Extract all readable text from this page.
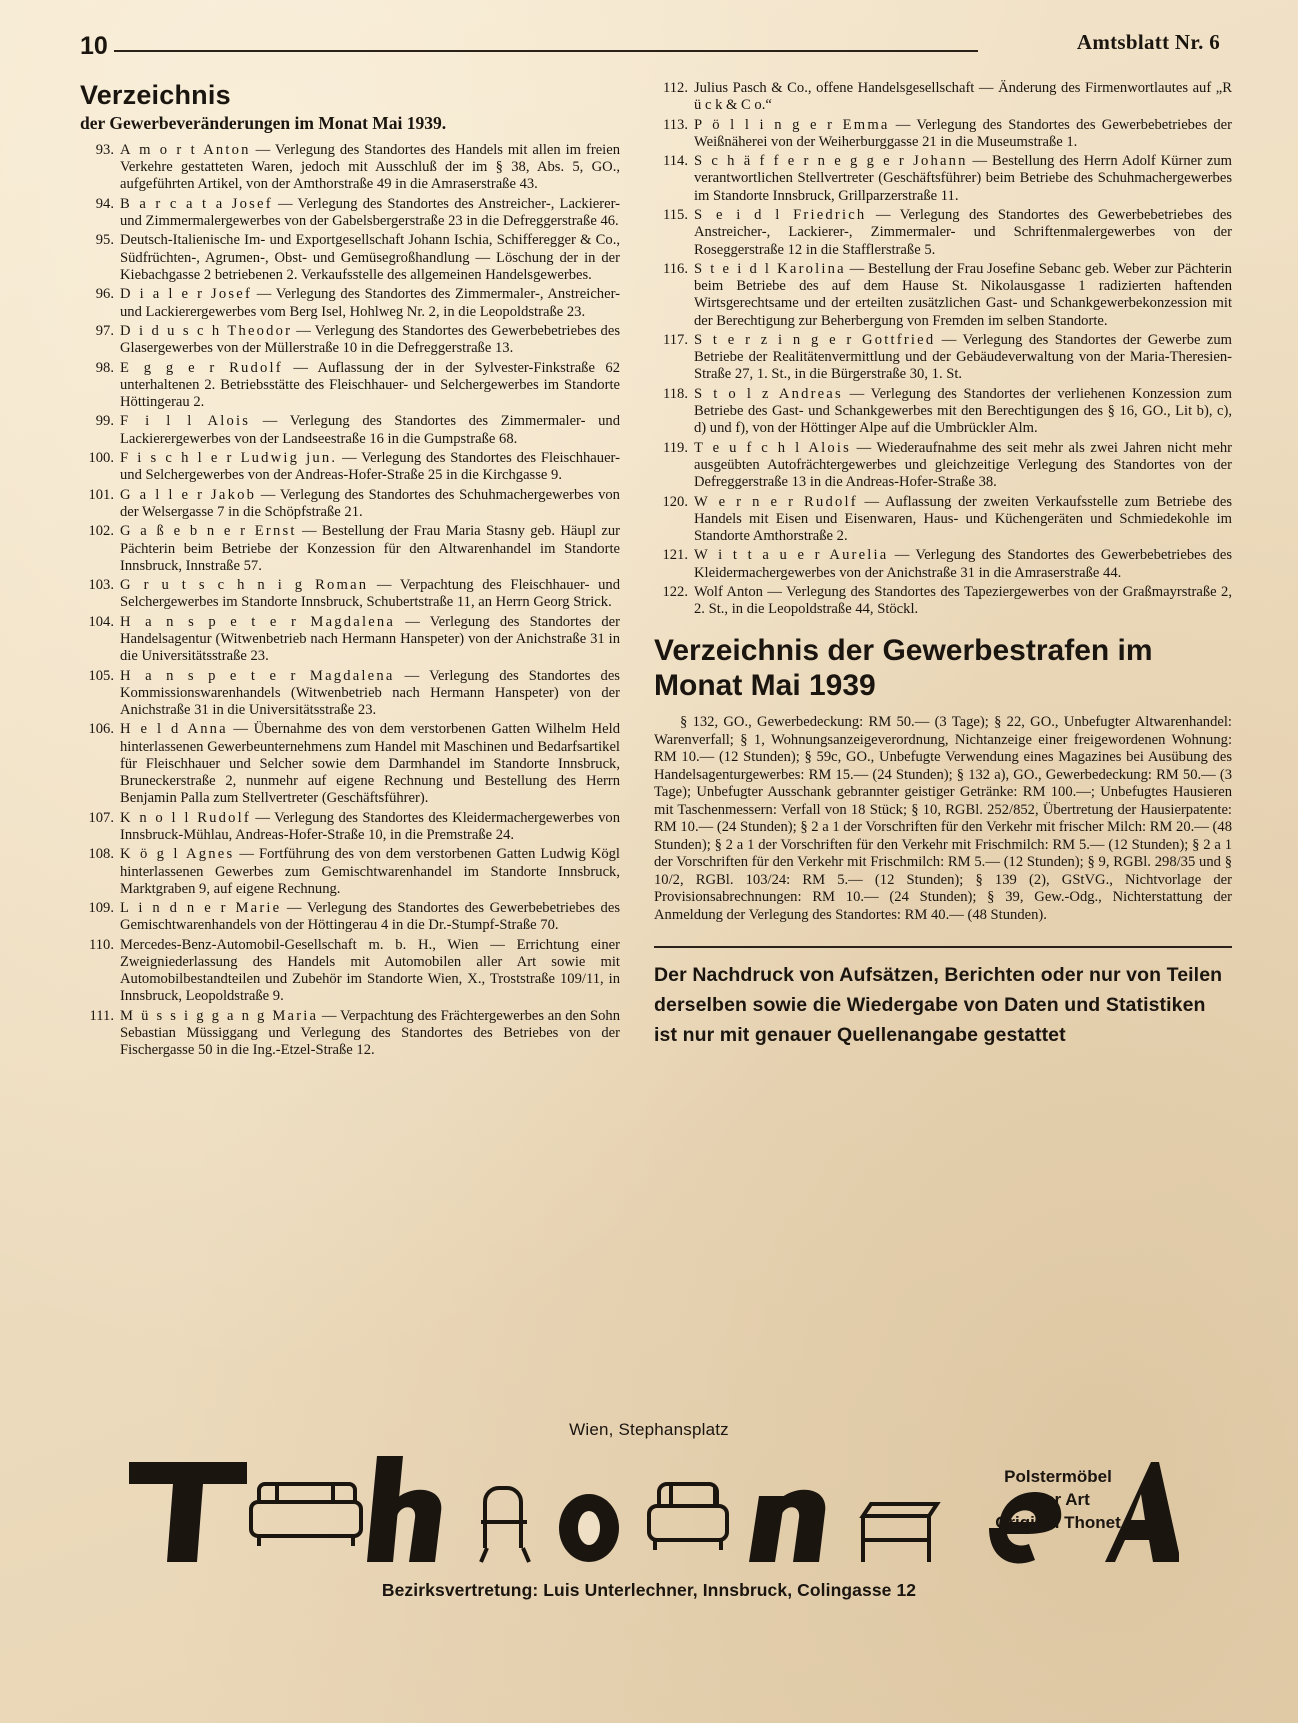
10	Amtsblatt Nr. 6
Verzeichnis
der Gewerbeveränderungen im Monat Mai 1939.
93. A m o r t Anton — Verlegung des Standortes des Handels mit allen im freien Verkehre gestatteten Waren, jedoch mit Ausschluß der im § 38, Abs. 5, GO., aufgeführten Artikel, von der Amthorstraße 49 in die Amraserstraße 43.
94. B a r c a t a Josef — Verlegung des Standortes des Anstreicher-, Lackierer- und Zimmermalergewerbes von der Gabelsbergerstraße 23 in die Defreggerstraße 46.
95. Deutsch-Italienische Im- und Exportgesellschaft Johann Ischia, Schifferegger & Co., Südfrüchten-, Agrumen-, Obst- und Gemüsegroßhandlung — Löschung der in der Kiebachgasse 2 betriebenen 2. Verkaufsstelle des allgemeinen Handelsgewerbes.
96. D i a l e r Josef — Verlegung des Standortes des Zimmermaler-, Anstreicher- und Lackierergewerbes vom Berg Isel, Hohlweg Nr. 2, in die Leopoldstraße 23.
97. D i d u s c h Theodor — Verlegung des Standortes des Gewerbebetriebes des Glasergewerbes von der Müllerstraße 10 in die Defreggerstraße 13.
98. E g g e r Rudolf — Auflassung der in der Sylvester-Finkstraße 62 unterhaltenen 2. Betriebsstätte des Fleischhauer- und Selchergewerbes im Standorte Höttingerau 2.
99. F i l l Alois — Verlegung des Standortes des Zimmermaler- und Lackierergewerbes von der Landseestraße 16 in die Gumpstraße 68.
100. F i s c h l e r Ludwig jun. — Verlegung des Standortes des Fleischhauer- und Selchergewerbes von der Andreas-Hofer-Straße 25 in die Kirchgasse 9.
101. G a l l e r Jakob — Verlegung des Standortes des Schuhmachergewerbes von der Welsergasse 7 in die Schöpfstraße 21.
102. G a ß e b n e r Ernst — Bestellung der Frau Maria Stasny geb. Häupl zur Pächterin beim Betriebe der Konzession für den Altwarenhandel im Standorte Innsbruck, Innstraße 57.
103. G r u t s c h n i g Roman — Verpachtung des Fleischhauer- und Selchergewerbes im Standorte Innsbruck, Schubertstraße 11, an Herrn Georg Strick.
104. H a n s p e t e r Magdalena — Verlegung des Standortes der Handelsagentur (Witwenbetrieb nach Hermann Hanspeter) von der Anichstraße 31 in die Universitätsstraße 23.
105. H a n s p e t e r Magdalena — Verlegung des Standortes des Kommissionswarenhandels (Witwenbetrieb nach Hermann Hanspeter) von der Anichstraße 31 in die Universitätsstraße 23.
106. H e l d Anna — Übernahme des von dem verstorbenen Gatten Wilhelm Held hinterlassenen Gewerbeunternehmens zum Handel mit Maschinen und Bedarfsartikel für Fleischhauer und Selcher sowie dem Darmhandel im Standorte Innsbruck, Bruneckerstraße 2, nunmehr auf eigene Rechnung und Bestellung des Herrn Benjamin Palla zum Stellvertreter (Geschäftsführer).
107. K n o l l Rudolf — Verlegung des Standortes des Kleidermachergewerbes von Innsbruck-Mühlau, Andreas-Hofer-Straße 10, in die Premstraße 24.
108. K ö g l Agnes — Fortführung des von dem verstorbenen Gatten Ludwig Kögl hinterlassenen Gewerbes zum Gemischtwarenhandel im Standorte Innsbruck, Marktgraben 9, auf eigene Rechnung.
109. L i n d n e r Marie — Verlegung des Standortes des Gewerbebetriebes des Gemischtwarenhandels von der Höttingerau 4 in die Dr.-Stumpf-Straße 70.
110. Mercedes-Benz-Automobil-Gesellschaft m. b. H., Wien — Errichtung einer Zweigniederlassung des Handels mit Automobilen aller Art sowie mit Automobilbestandteilen und Zubehör im Standorte Wien, X., Troststraße 109/11, in Innsbruck, Leopoldstraße 9.
111. M ü s s i g g a n g Maria — Verpachtung des Frächtergewerbes an den Sohn Sebastian Müssiggang und Verlegung des Standortes des Betriebes von der Fischergasse 50 in die Ing.-Etzel-Straße 12.
112. Julius Pasch & Co., offene Handelsgesellschaft — Änderung des Firmenwortlautes auf „R ü c k & C o.“
113. P ö l l i n g e r Emma — Verlegung des Standortes des Gewerbebetriebes der Weißnäherei von der Weiherburggasse 21 in die Museumstraße 1.
114. S c h ä f f e r n e g g e r Johann — Bestellung des Herrn Adolf Kürner zum verantwortlichen Stellvertreter (Geschäftsführer) beim Betriebe des Schuhmachergewerbes im Standorte Innsbruck, Grillparzerstraße 11.
115. S e i d l Friedrich — Verlegung des Standortes des Gewerbebetriebes des Anstreicher-, Lackierer-, Zimmermaler- und Schriftenmalergewerbes von der Roseggerstraße 12 in die Stafflerstraße 5.
116. S t e i d l Karolina — Bestellung der Frau Josefine Sebanc geb. Weber zur Pächterin beim Betriebe des auf dem Hause St. Nikolausgasse 1 radizierten haftenden Wirtsgerechtsame und der erteilten zusätzlichen Gast- und Schankgewerbekonzession mit der Berechtigung zur Beherbergung von Fremden im selben Standorte.
117. S t e r z i n g e r Gottfried — Verlegung des Standortes der Gewerbe zum Betriebe der Realitätenvermittlung und der Gebäudeverwaltung von der Maria-Theresien-Straße 27, 1. St., in die Bürgerstraße 30, 1. St.
118. S t o l z Andreas — Verlegung des Standortes der verliehenen Konzession zum Betriebe des Gast- und Schankgewerbes mit den Berechtigungen des § 16, GO., Lit b), c), d) und f), von der Höttinger Alpe auf die Umbrückler Alm.
119. T e u f c h l Alois — Wiederaufnahme des seit mehr als zwei Jahren nicht mehr ausgeübten Autofrächtergewerbes und gleichzeitige Verlegung des Standortes von der Defreggerstraße 13 in die Andreas-Hofer-Straße 38.
120. W e r n e r Rudolf — Auflassung der zweiten Verkaufsstelle zum Betriebe des Handels mit Eisen und Eisenwaren, Haus- und Küchengeräten und Schmiedekohle im Standorte Amthorstraße 2.
121. W i t t a u e r Aurelia — Verlegung des Standortes des Gewerbebetriebes des Kleidermachergewerbes von der Anichstraße 31 in die Amraserstraße 44.
122. Wolf Anton — Verlegung des Standortes des Tapeziergewerbes von der Graßmayrstraße 2, 2. St., in die Leopoldstraße 44, Stöckl.
Verzeichnis der Gewerbestrafen im Monat Mai 1939

§ 132, GO., Gewerbedeckung: RM 50.— (3 Tage); § 22, GO., Unbefugter Altwarenhandel: Warenverfall; § 1, Wohnungsanzeigeverordnung, Nichtanzeige einer freigewordenen Wohnung: RM 10.— (12 Stunden); § 59c, GO., Unbefugte Verwendung eines Magazines bei Ausübung des Handelsagenturgewerbes: RM 15.— (24 Stunden); § 132 a), GO., Gewerbedeckung: RM 50.— (3 Tage); Unbefugter Ausschank gebrannter geistiger Getränke: RM 100.—; Unbefugtes Hausieren mit Taschenmessern: Verfall von 18 Stück; § 10, RGBl. 252/852, Übertretung der Hausierpatente: RM 10.— (24 Stunden); § 2 a 1 der Vorschriften für den Verkehr mit frischer Milch: RM 20.— (48 Stunden); § 2 a 1 der Vorschriften für den Verkehr mit Frischmilch: RM 5.— (12 Stunden); § 2 a 1 der Vorschriften für den Verkehr mit Frischmilch: RM 5.— (12 Stunden); § 9, RGBl. 298/35 und § 10/2, RGBl. 103/24: RM 5.— (12 Stunden); § 139 (2), GStVG., Nichtvorlage der Provisionsabrechnungen: RM 10.— (24 Stunden); § 39, Gew.-Odg., Nichterstattung der Anmeldung der Verlegung des Standortes: RM 40.— (48 Stunden).

Der Nachdruck von Aufsätzen, Berichten oder nur von Teilen derselben sowie die Wiedergabe von Daten und Statistiken ist nur mit genauer Quellenangabe gestattet
Wien, Stephansplatz
Polstermöbel
aller Art
Original Thonet
Bezirksvertretung: Luis Unterlechner, Innsbruck, Colingasse 12
